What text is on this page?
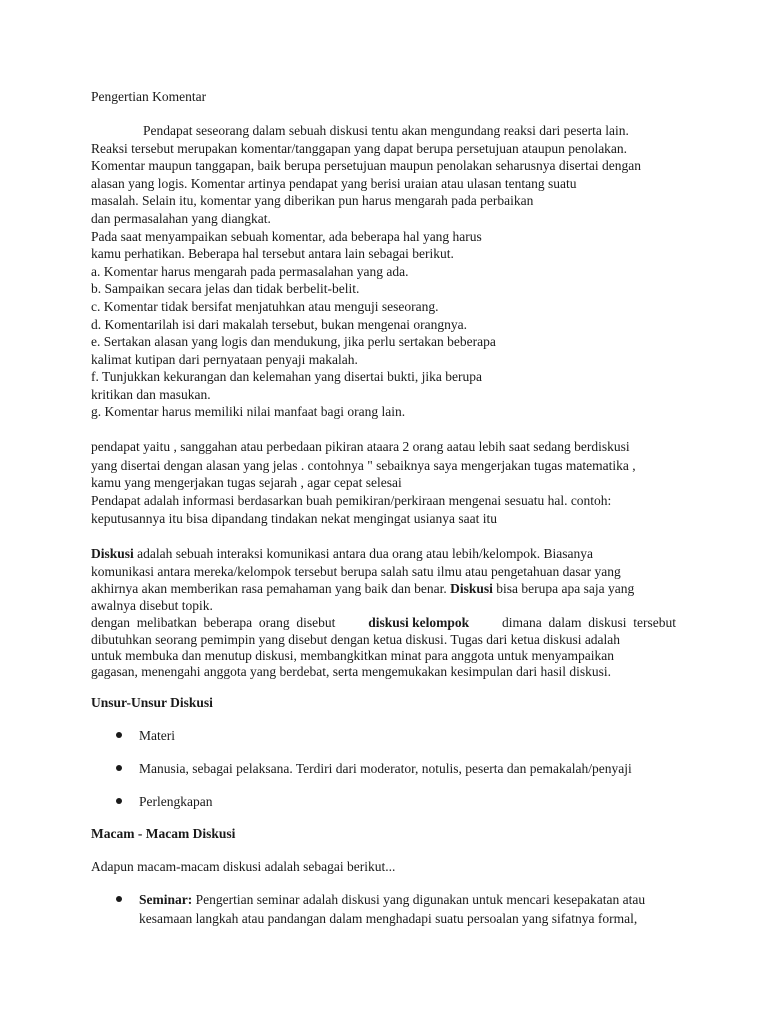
Pengertian Komentar
Pendapat seseorang dalam sebuah diskusi tentu akan mengundang reaksi dari peserta lain.
Reaksi tersebut merupakan komentar/tanggapan yang dapat berupa persetujuan ataupun penolakan.
Komentar maupun tanggapan, baik berupa persetujuan maupun penolakan seharusnya disertai dengan
alasan yang logis. Komentar artinya pendapat yang berisi uraian atau ulasan tentang suatu
masalah. Selain itu, komentar yang diberikan pun harus mengarah pada perbaikan
dan permasalahan yang diangkat.
Pada saat menyampaikan sebuah komentar, ada beberapa hal yang harus
kamu perhatikan. Beberapa hal tersebut antara lain sebagai berikut.
a. Komentar harus mengarah pada permasalahan yang ada.
b. Sampaikan secara jelas dan tidak berbelit-belit.
c. Komentar tidak bersifat menjatuhkan atau menguji seseorang.
d. Komentarilah isi dari makalah tersebut, bukan mengenai orangnya.
e. Sertakan alasan yang logis dan mendukung, jika perlu sertakan beberapa
kalimat kutipan dari pernyataan penyaji makalah.
f. Tunjukkan kekurangan dan kelemahan yang disertai bukti, jika berupa
kritikan dan masukan.
g. Komentar harus memiliki nilai manfaat bagi orang lain.
pendapat yaitu , sanggahan atau perbedaan pikiran ataara 2 orang aatau lebih saat sedang berdiskusi
yang disertai dengan alasan yang jelas . contohnya " sebaiknya saya mengerjakan tugas matematika ,
kamu yang mengerjakan tugas sejarah , agar cepat selesai
Pendapat adalah informasi berdasarkan buah pemikiran/perkiraan mengenai sesuatu hal. contoh:
keputusannya itu bisa dipandang tindakan nekat mengingat usianya saat itu
Diskusi adalah sebuah interaksi komunikasi antara dua orang atau lebih/kelompok. Biasanya
komunikasi antara mereka/kelompok tersebut berupa salah satu ilmu atau pengetahuan dasar yang
akhirnya akan memberikan rasa pemahaman yang baik dan benar. Diskusi bisa berupa apa saja yang
awalnya disebut topik.
dengan  melibatkan  beberapa  orang  disebut diskusi kelompok dimana  dalam  diskusi  tersebut
dibutuhkan seorang pemimpin yang disebut dengan ketua diskusi. Tugas dari ketua diskusi adalah
untuk membuka dan menutup diskusi, membangkitkan minat para anggota untuk menyampaikan
gagasan, menengahi anggota yang berdebat, serta mengemukakan kesimpulan dari hasil diskusi.
Unsur-Unsur Diskusi
Materi
Manusia, sebagai pelaksana. Terdiri dari moderator, notulis, peserta dan pemakalah/penyaji
Perlengkapan
Macam - Macam Diskusi
Adapun macam-macam diskusi adalah sebagai berikut...
Seminar: Pengertian seminar adalah diskusi yang digunakan untuk mencari kesepakatan atau
kesamaan langkah atau pandangan dalam menghadapi suatu persoalan yang sifatnya formal,
